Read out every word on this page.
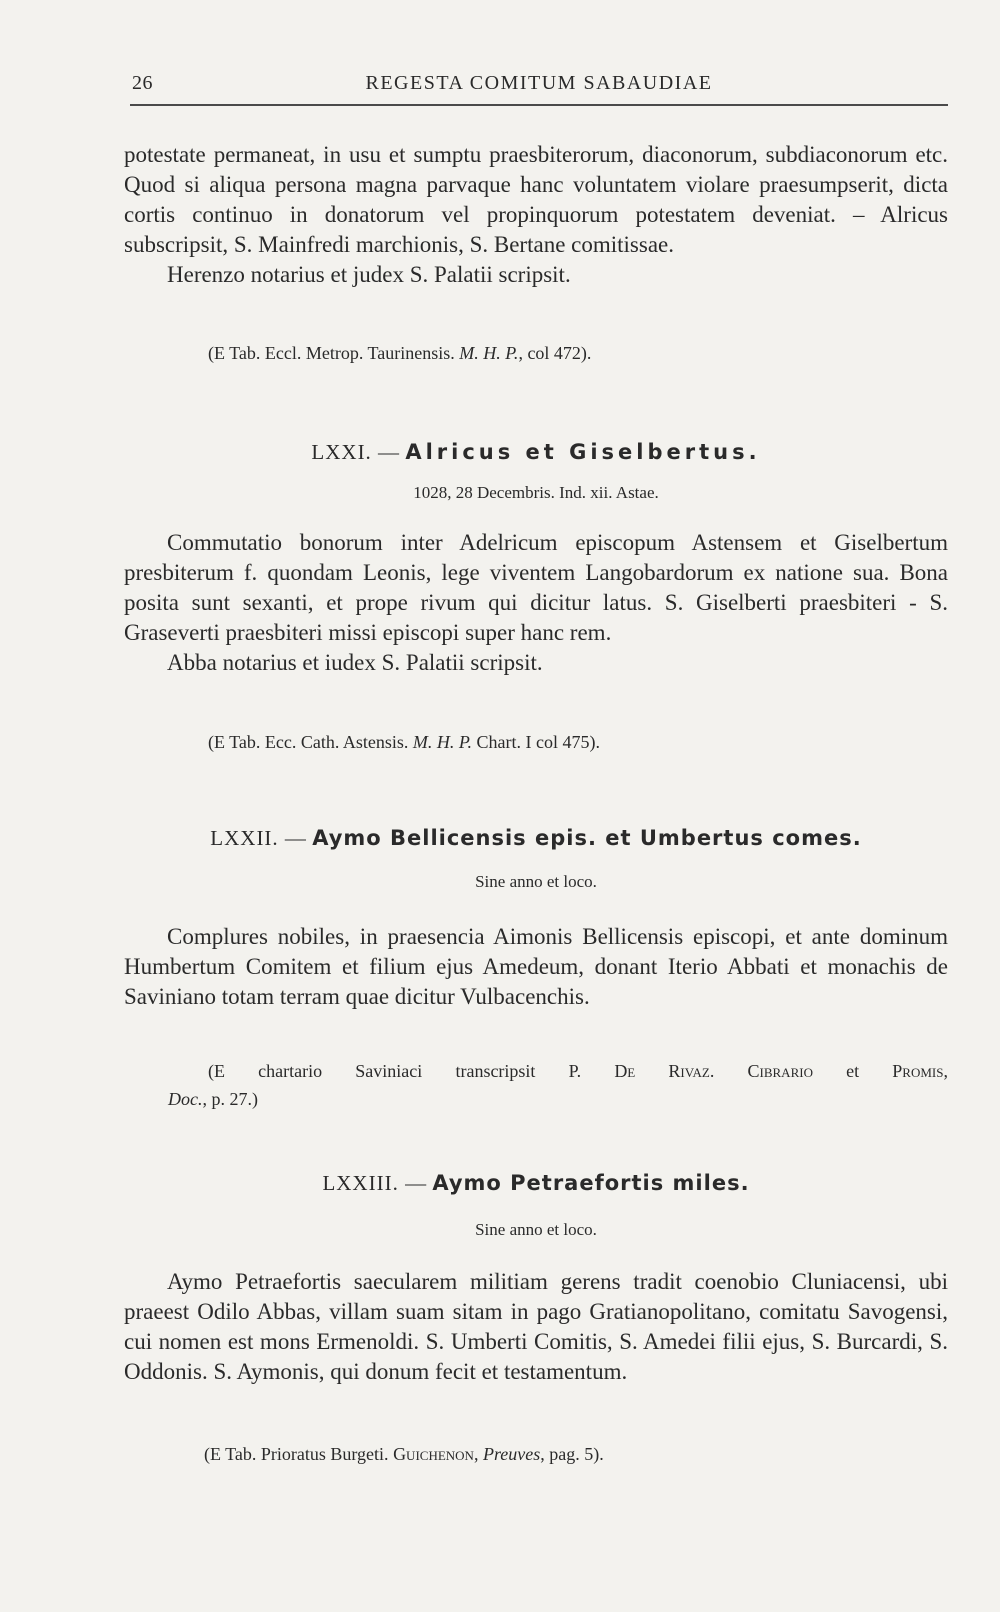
26	REGESTA COMITUM SABAUDIAE

potestate permaneat, in usu et sumptu praesbiterorum, diaconorum, subdiaconorum etc. Quod si aliqua persona magna parvaque hanc voluntatem violare praesumpserit, dicta cortis continuo in donatorum vel propinquorum potestatem deveniat. – Alricus subscripsit, S. Mainfredi marchionis, S. Bertane comitissae.

Herenzo notarius et judex S. Palatii scripsit.

(E Tab. Eccl. Metrop. Taurinensis. M. H. P., col 472).

LXXI. — Alricus et Giselbertus.

1028, 28 Decembris. Ind. xii. Astae.

Commutatio bonorum inter Adelricum episcopum Astensem et Giselbertum presbiterum f. quondam Leonis, lege viventem Langobardorum ex natione sua. Bona posita sunt sexanti, et prope rivum qui dicitur latus. S. Giselberti praesbiteri - S. Graseverti praesbiteri missi episcopi super hanc rem.

Abba notarius et iudex S. Palatii scripsit.

(E Tab. Ecc. Cath. Astensis. M. H. P. Chart. I col 475).

LXXII. — Aymo Bellicensis epis. et Umbertus comes.

Sine anno et loco.

Complures nobiles, in praesencia Aimonis Bellicensis episcopi, et ante dominum Humbertum Comitem et filium ejus Amedeum, donant Iterio Abbati et monachis de Saviniano totam terram quae dicitur Vulbacenchis.

(E chartario Saviniaci transcripsit P. De Rivaz. Cibrario et Promis,

Doc., p. 27.)

LXXIII. — Aymo Petraefortis miles.

Sine anno et loco.

Aymo Petraefortis saecularem militiam gerens tradit coenobio Cluniacensi, ubi praeest Odilo Abbas, villam suam sitam in pago Gratianopolitano, comitatu Savogensi, cui nomen est mons Ermenoldi. S. Umberti Comitis, S. Amedei filii ejus, S. Burcardi, S. Oddonis. S. Aymonis, qui donum fecit et testamentum.

(E Tab. Prioratus Burgeti. Guichenon, Preuves, pag. 5).
